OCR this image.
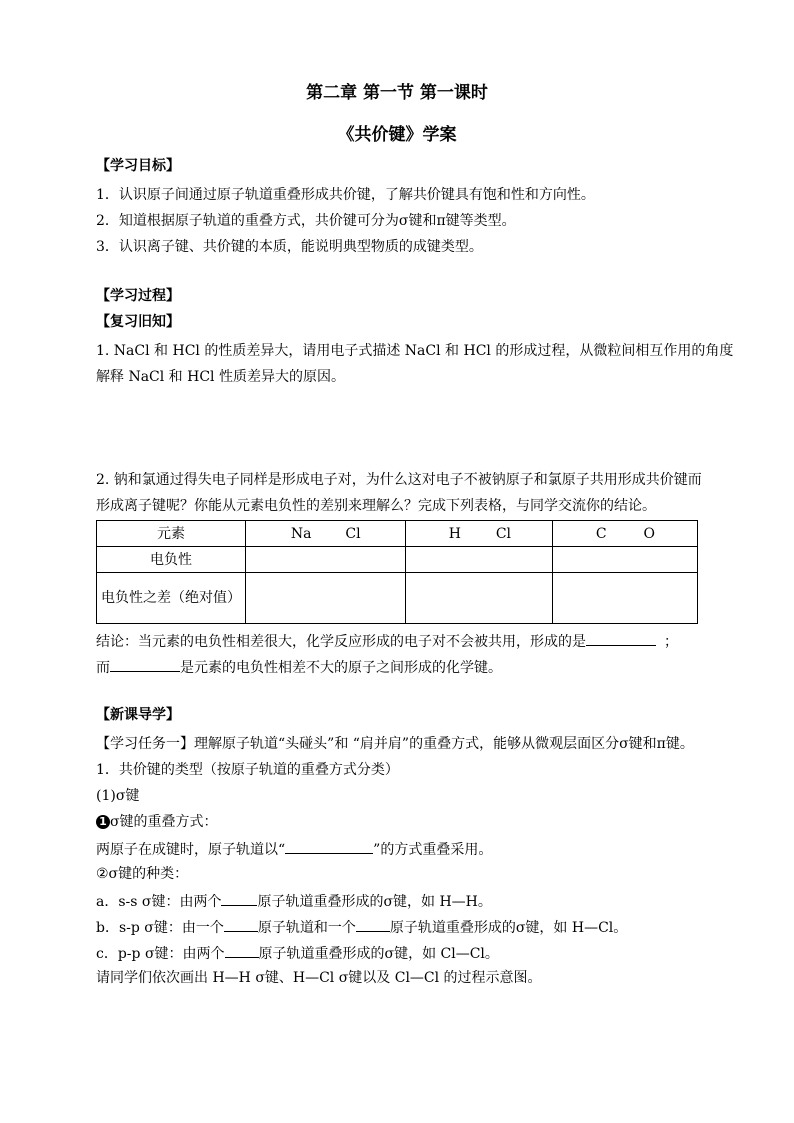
第二章 第一节 第一课时
《共价键》学案
【学习目标】
1．认识原子间通过原子轨道重叠形成共价键，了解共价键具有饱和性和方向性。
2．知道根据原子轨道的重叠方式，共价键可分为σ键和π键等类型。
3．认识离子键、共价键的本质，能说明典型物质的成键类型。
【学习过程】
【复习旧知】
1. NaCl 和 HCl 的性质差异大，请用电子式描述 NaCl 和 HCl 的形成过程，从微粒间相互作用的角度
解释 NaCl 和 HCl 性质差异大的原因。
2. 钠和氯通过得失电子同样是形成电子对，为什么这对电子不被钠原子和氯原子共用形成共价键而
形成离子键呢？你能从元素电负性的差别来理解么？完成下列表格，与同学交流你的结论。
元素	Na Cl	H Cl	C O
电负性			
电负性之差（绝对值）			
结论：当元素的电负性相差很大，化学反应形成的电子对不会被共用，形成的是	；
而	是元素的电负性相差不大的原子之间形成的化学键。
【新课导学】
【学习任务一】理解原子轨道“头碰头”和 “肩并肩”的重叠方式，能够从微观层面区分σ键和π键。
1．共价键的类型（按原子轨道的重叠方式分类）
(1)σ键
1 σ键的重叠方式：
两原子在成键时，原子轨道以“	”的方式重叠采用。
②σ键的种类：
a．s-s σ键：由两个	原子轨道重叠形成的σ键，如 H—H。
b．s-p σ键：由一个 原子轨道和一个 原子轨道重叠形成的σ键，如 H—Cl。
c．p-p σ键：由两个 原子轨道重叠形成的σ键，如 Cl—Cl。
请同学们依次画出 H—H σ键、H—Cl σ键以及 Cl—Cl 的过程示意图。
